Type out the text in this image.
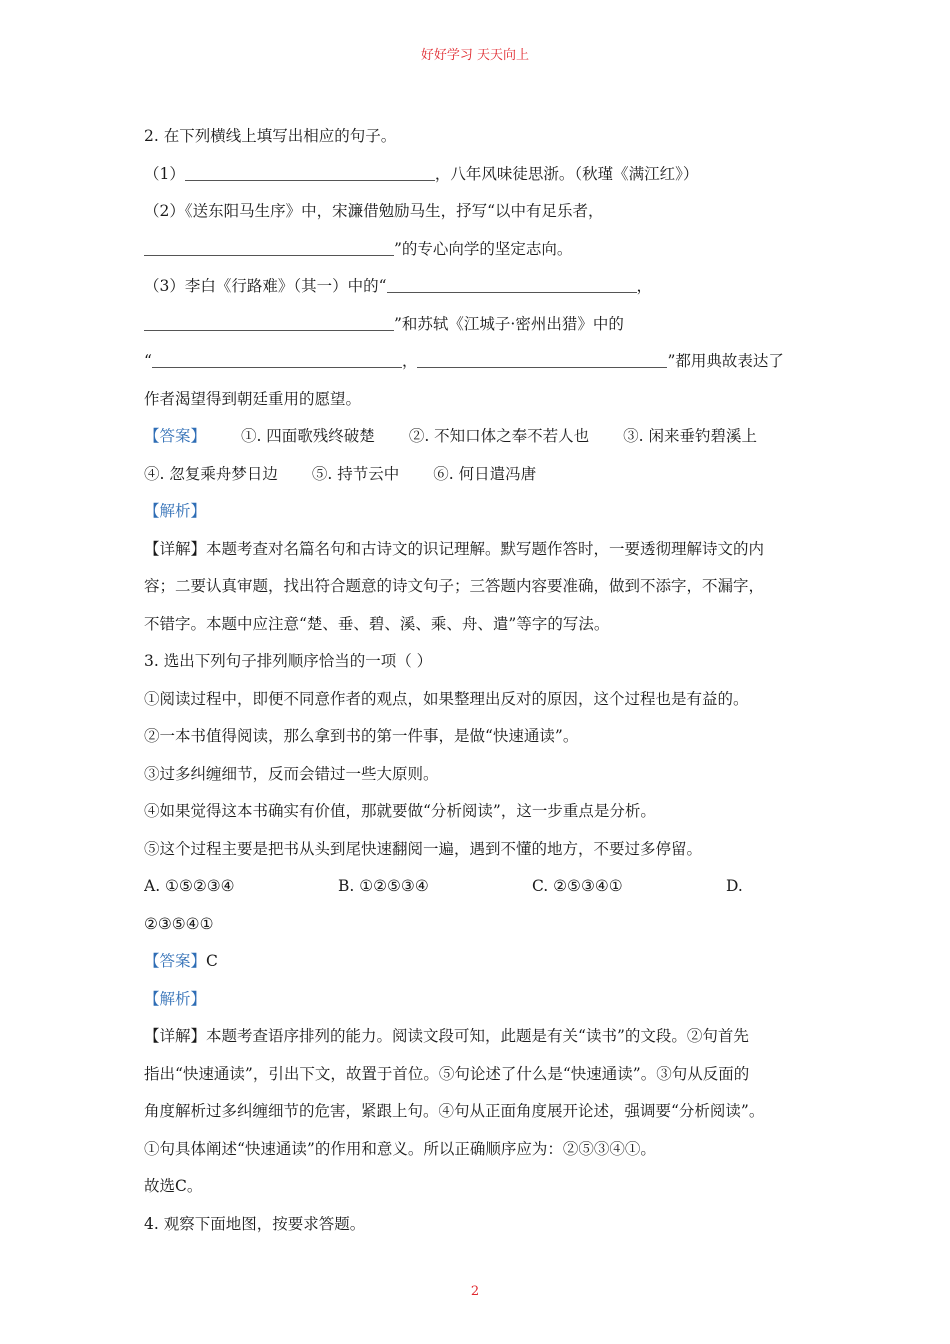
好好学习 天天向上
2. 在下列横线上填写出相应的句子。
（1）	，八年风味徒思浙。（秋瑾《满江红》）
（2）《送东阳马生序》中，宋濂借勉励马生，抒写“以中有足乐者，
”的专心向学的坚定志向。
（3）李白《行路难》（其一）中的“	，
”和苏轼《江城子·密州出猎》中的
“	，	”都用典故表达了
作者渴望得到朝廷重用的愿望。
【答案】 ①. 四面歌残终破楚 ②. 不知口体之奉不若人也 ③. 闲来垂钓碧溪上
④. 忽复乘舟梦日边 ⑤. 持节云中 ⑥. 何日遣冯唐
【解析】
【详解】本题考查对名篇名句和古诗文的识记理解。默写题作答时，一要透彻理解诗文的内
容；二要认真审题，找出符合题意的诗文句子；三答题内容要准确，做到不添字，不漏字，
不错字。本题中应注意“楚、垂、碧、溪、乘、舟、遣”等字的写法。
3. 选出下列句子排列顺序恰当的一项（ ）
①阅读过程中，即便不同意作者的观点，如果整理出反对的原因，这个过程也是有益的。
②一本书值得阅读，那么拿到书的第一件事，是做“快速通读”。
③过多纠缠细节，反而会错过一些大原则。
④如果觉得这本书确实有价值，那就要做“分析阅读”，这一步重点是分析。
⑤这个过程主要是把书从头到尾快速翻阅一遍，遇到不懂的地方，不要过多停留。
A. ①⑤②③④	B. ①②⑤③④	C. ②⑤③④①	D.
②③⑤④①
【答案】C
【解析】
【详解】本题考查语序排列的能力。阅读文段可知，此题是有关“读书”的文段。②句首先
指出“快速通读”，引出下文，故置于首位。⑤句论述了什么是“快速通读”。③句从反面的
角度解析过多纠缠细节的危害，紧跟上句。④句从正面角度展开论述，强调要“分析阅读”。
①句具体阐述“快速通读”的作用和意义。所以正确顺序应为：②⑤③④①。
故选C。
4. 观察下面地图，按要求答题。
2
